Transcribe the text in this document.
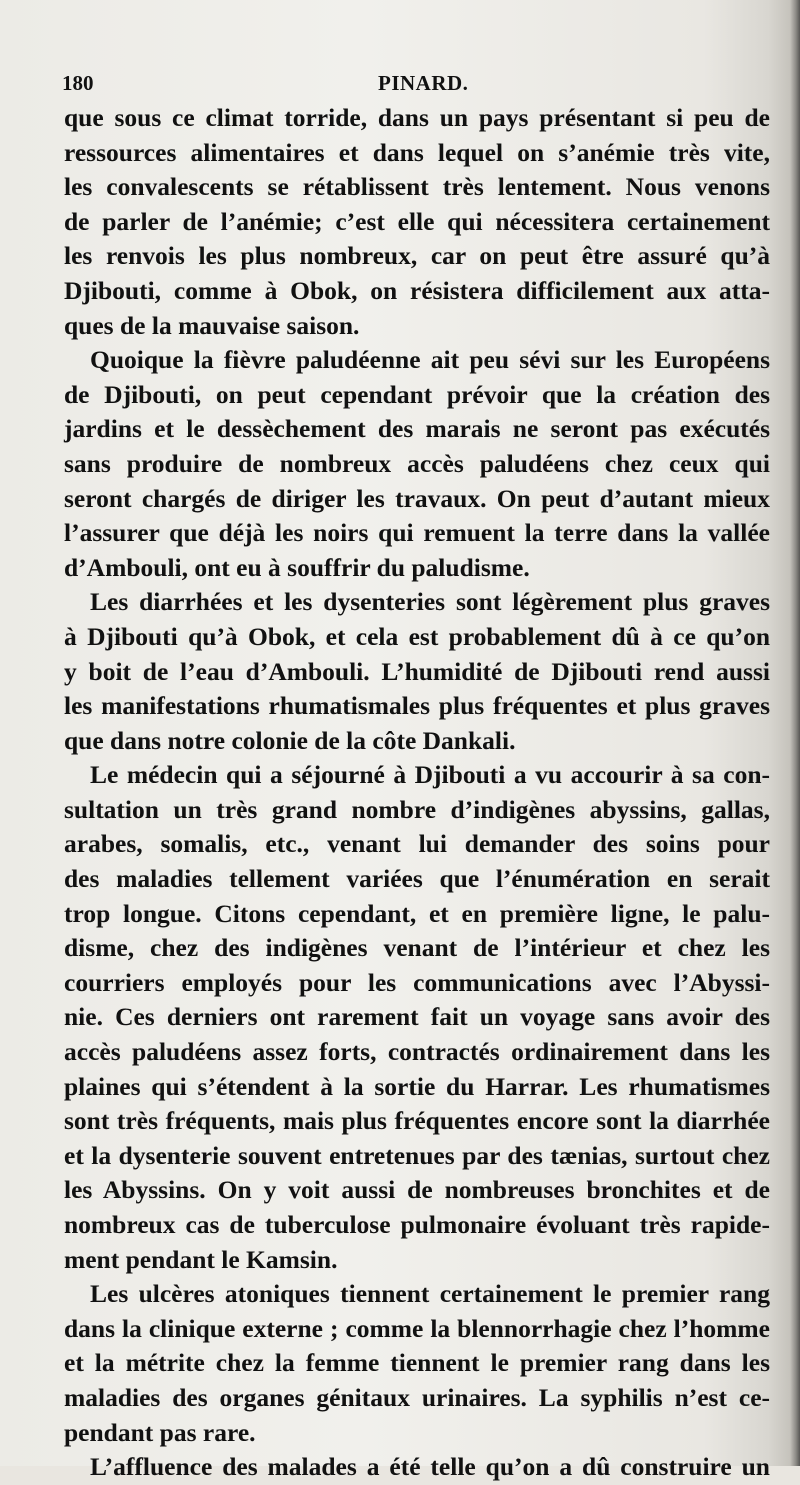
180	PINARD.
que sous ce climat torride, dans un pays présentant si peu de
ressources alimentaires et dans lequel on s’anémie très vite,
les convalescents se rétablissent très lentement. Nous venons
de parler de l’anémie; c’est elle qui nécessitera certainement
les renvois les plus nombreux, car on peut être assuré qu’à
Djibouti, comme à Obok, on résistera difficilement aux atta-
ques de la mauvaise saison.
Quoique la fièvre paludéenne ait peu sévi sur les Européens
de Djibouti, on peut cependant prévoir que la création des
jardins et le dessèchement des marais ne seront pas exécutés
sans produire de nombreux accès paludéens chez ceux qui
seront chargés de diriger les travaux. On peut d’autant mieux
l’assurer que déjà les noirs qui remuent la terre dans la vallée
d’Ambouli, ont eu à souffrir du paludisme.
Les diarrhées et les dysenteries sont légèrement plus graves
à Djibouti qu’à Obok, et cela est probablement dû à ce qu’on
y boit de l’eau d’Ambouli. L’humidité de Djibouti rend aussi
les manifestations rhumatismales plus fréquentes et plus graves
que dans notre colonie de la côte Dankali.
Le médecin qui a séjourné à Djibouti a vu accourir à sa con-
sultation un très grand nombre d’indigènes abyssins, gallas,
arabes, somalis, etc., venant lui demander des soins pour
des maladies tellement variées que l’énumération en serait
trop longue. Citons cependant, et en première ligne, le palu-
disme, chez des indigènes venant de l’intérieur et chez les
courriers employés pour les communications avec l’Abyssi-
nie. Ces derniers ont rarement fait un voyage sans avoir des
accès paludéens assez forts, contractés ordinairement dans les
plaines qui s’étendent à la sortie du Harrar. Les rhumatismes
sont très fréquents, mais plus fréquentes encore sont la diarrhée
et la dysenterie souvent entretenues par des tænias, surtout chez
les Abyssins. On y voit aussi de nombreuses bronchites et de
nombreux cas de tuberculose pulmonaire évoluant très rapide-
ment pendant le Kamsin.
Les ulcères atoniques tiennent certainement le premier rang
dans la clinique externe ; comme la blennorrhagie chez l’homme
et la métrite chez la femme tiennent le premier rang dans les
maladies des organes génitaux urinaires. La syphilis n’est ce-
pendant pas rare.
L’affluence des malades a été telle qu’on a dû construire un
